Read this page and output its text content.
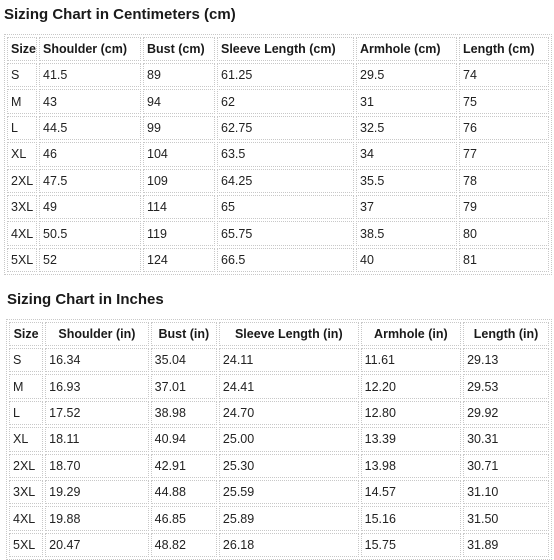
Sizing Chart in Centimeters (cm)
Size	Shoulder (cm)	Bust (cm)	Sleeve Length (cm)	Armhole (cm)	Length (cm)
S	41.5	89	61.25	29.5	74
M	43	94	62	31	75
L	44.5	99	62.75	32.5	76
XL	46	104	63.5	34	77
2XL	47.5	109	64.25	35.5	78
3XL	49	114	65	37	79
4XL	50.5	119	65.75	38.5	80
5XL	52	124	66.5	40	81
Sizing Chart in Inches
Size	Shoulder (in)	Bust (in)	Sleeve Length (in)	Armhole (in)	Length (in)
S	16.34	35.04	24.11	11.61	29.13
M	16.93	37.01	24.41	12.20	29.53
L	17.52	38.98	24.70	12.80	29.92
XL	18.11	40.94	25.00	13.39	30.31
2XL	18.70	42.91	25.30	13.98	30.71
3XL	19.29	44.88	25.59	14.57	31.10
4XL	19.88	46.85	25.89	15.16	31.50
5XL	20.47	48.82	26.18	15.75	31.89
